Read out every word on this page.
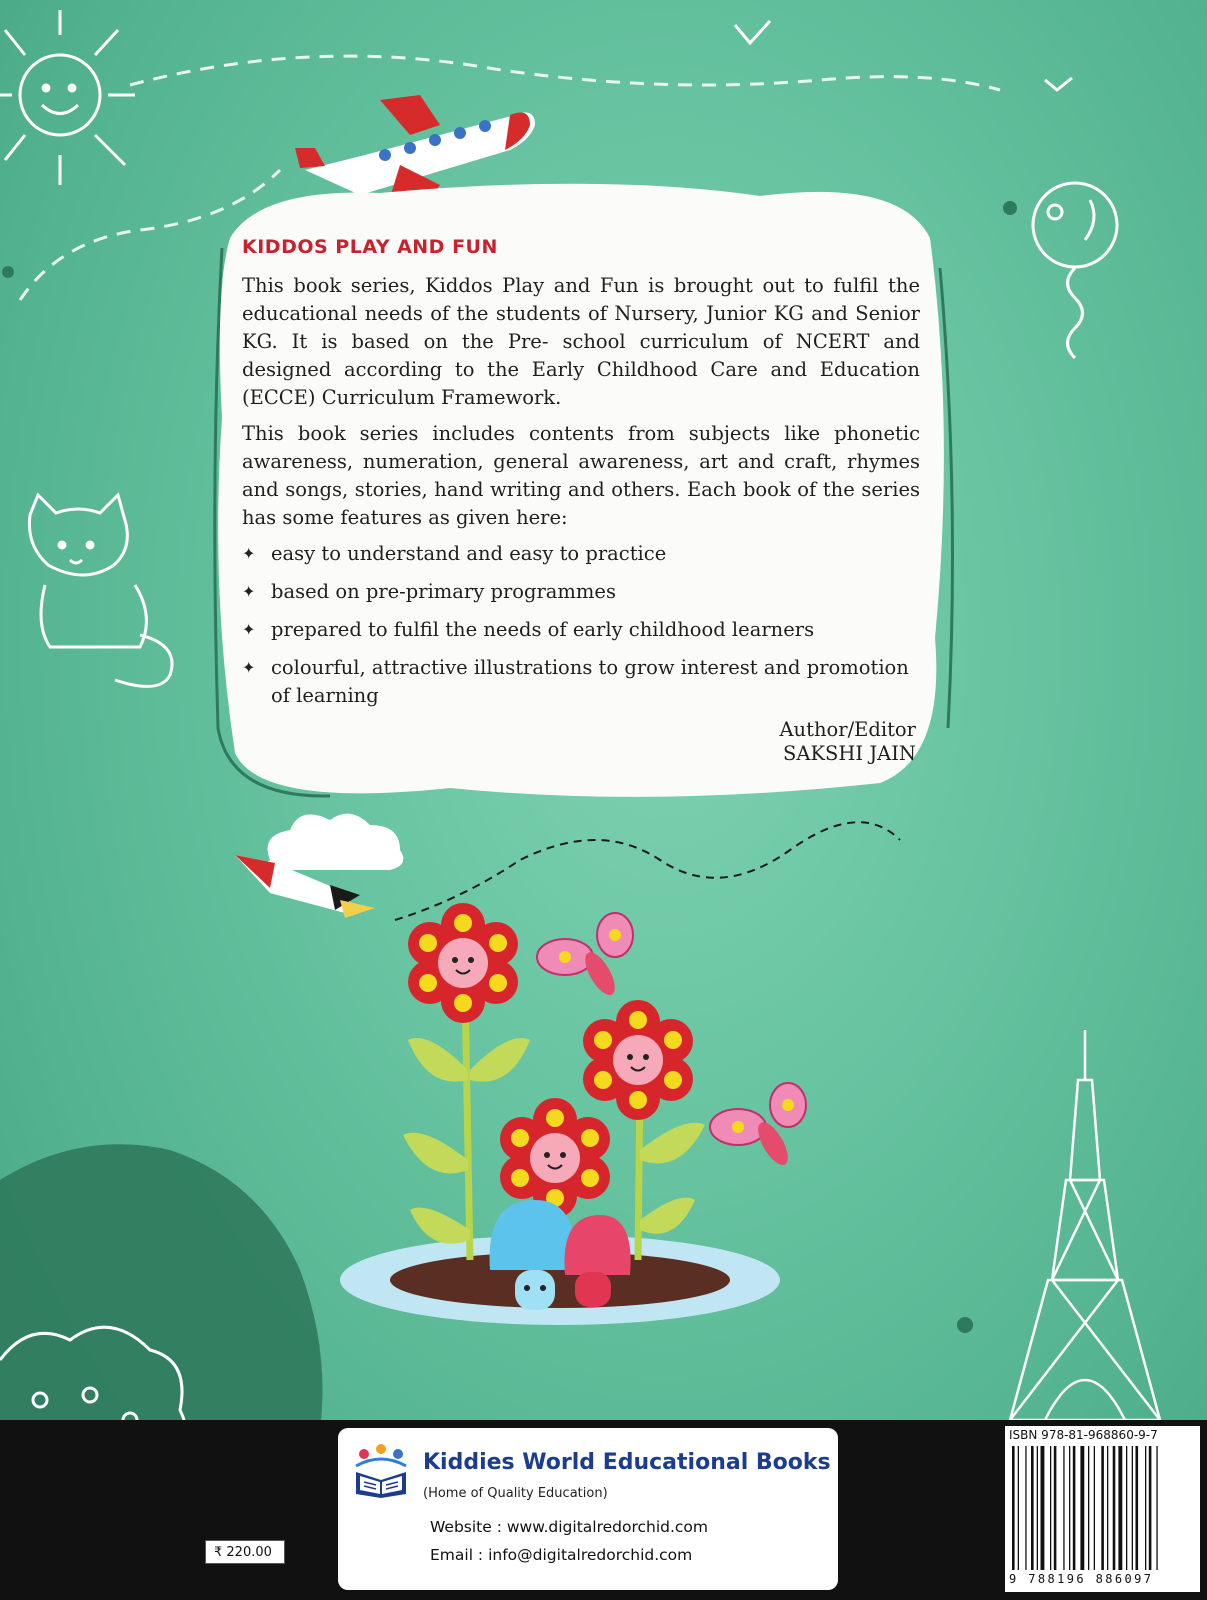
KIDDOS PLAY AND FUN

This book series, Kiddos Play and Fun is brought out to fulfil the educational needs of the students of Nursery, Junior KG and Senior KG. It is based on the Pre- school curriculum of NCERT and designed according to the Early Childhood Care and Education (ECCE) Curriculum Framework.

This book series includes contents from subjects like phonetic awareness, numeration, general awareness, art and craft, rhymes and songs, stories, hand writing and others. Each book of the series has some features as given here:

✦ easy to understand and easy to practice
✦ based on pre-primary programmes
✦ prepared to fulfil the needs of early childhood learners
✦ colourful, attractive illustrations to grow interest and promotion of learning
Author/Editor
SAKSHI JAIN
Kiddies World Educational Books
(Home of Quality Education)
Website : www.digitalredorchid.com
Email : info@digitalredorchid.com
ISBN 978-81-968860-9-7
9 788196 886097
₹ 220.00
